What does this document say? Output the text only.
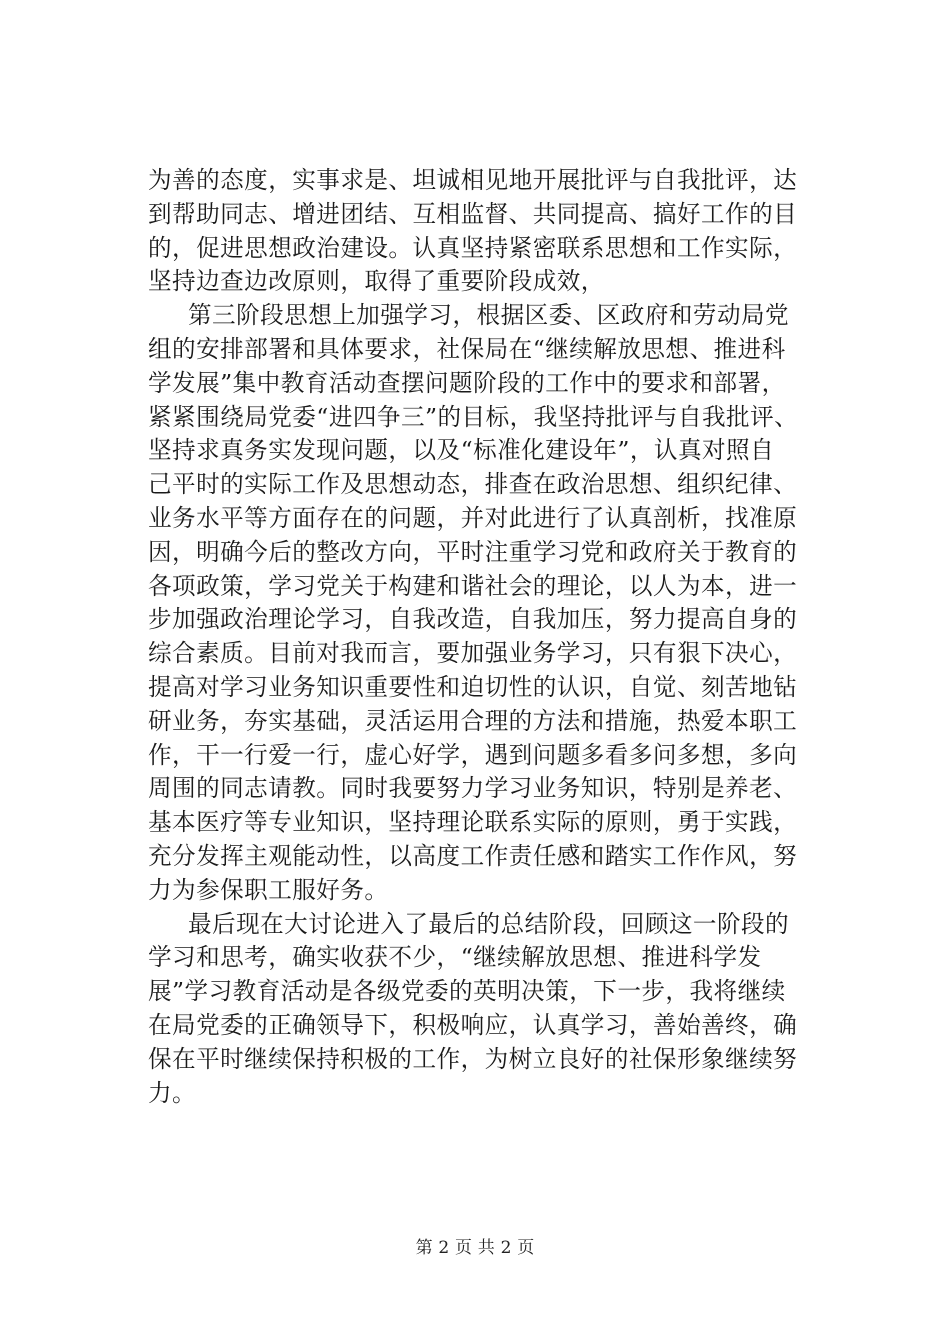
为善的态度，实事求是、坦诚相见地开展批评与自我批评，达
到帮助同志、增进团结、互相监督、共同提高、搞好工作的目
的，促进思想政治建设。认真坚持紧密联系思想和工作实际，
坚持边查边改原则，取得了重要阶段成效，
第三阶段思想上加强学习，根据区委、区政府和劳动局党
组的安排部署和具体要求，社保局在“继续解放思想、推进科
学发展”集中教育活动查摆问题阶段的工作中的要求和部署，
紧紧围绕局党委“进四争三”的目标，我坚持批评与自我批评、
坚持求真务实发现问题，以及“标准化建设年”，认真对照自
己平时的实际工作及思想动态，排查在政治思想、组织纪律、
业务水平等方面存在的问题，并对此进行了认真剖析，找准原
因，明确今后的整改方向，平时注重学习党和政府关于教育的
各项政策，学习党关于构建和谐社会的理论，以人为本，进一
步加强政治理论学习，自我改造，自我加压，努力提高自身的
综合素质。目前对我而言，要加强业务学习，只有狠下决心，
提高对学习业务知识重要性和迫切性的认识，自觉、刻苦地钻
研业务，夯实基础，灵活运用合理的方法和措施，热爱本职工
作，干一行爱一行，虚心好学，遇到问题多看多问多想，多向
周围的同志请教。同时我要努力学习业务知识，特别是养老、
基本医疗等专业知识，坚持理论联系实际的原则，勇于实践，
充分发挥主观能动性，以高度工作责任感和踏实工作作风，努
力为参保职工服好务。
最后现在大讨论进入了最后的总结阶段，回顾这一阶段的
学习和思考，确实收获不少，“继续解放思想、推进科学发
展”学习教育活动是各级党委的英明决策，下一步，我将继续
在局党委的正确领导下，积极响应，认真学习，善始善终，确
保在平时继续保持积极的工作，为树立良好的社保形象继续努
力。
第 2 页 共 2 页
